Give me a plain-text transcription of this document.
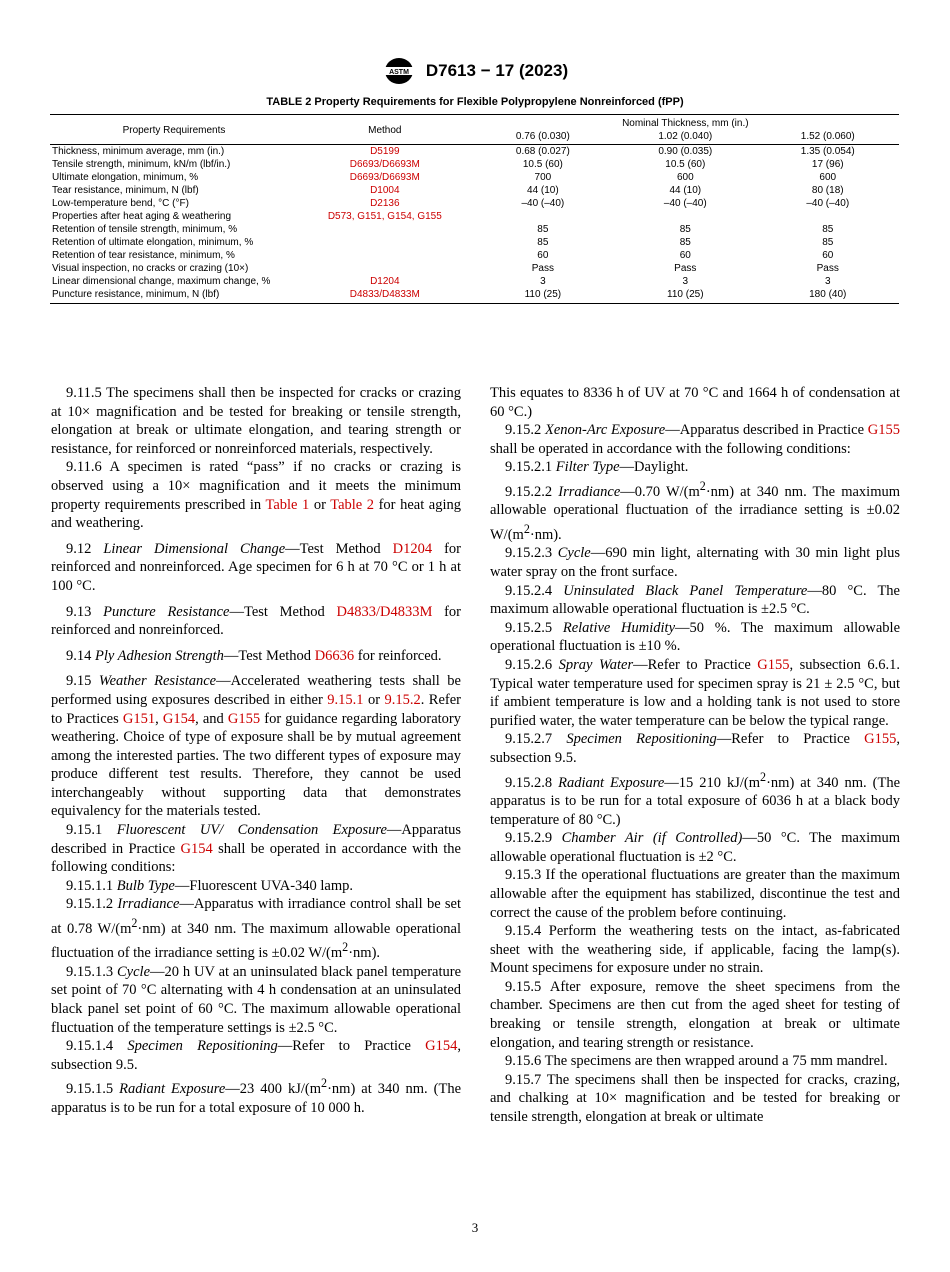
ASTM D7613 − 17 (2023)
TABLE 2 Property Requirements for Flexible Polypropylene Nonreinforced (fPP)
Property Requirements	Method	Nominal Thickness, mm (in.)		
		0.76 (0.030)	1.02 (0.040)	1.52 (0.060)
Thickness, minimum average, mm (in.)	D5199	0.68 (0.027)	0.90 (0.035)	1.35 (0.054)
Tensile strength, minimum, kN/m (lbf/in.)	D6693/D6693M	10.5 (60)	10.5 (60)	17 (96)
Ultimate elongation, minimum, %	D6693/D6693M	700	600	600
Tear resistance, minimum, N (lbf)	D1004	44 (10)	44 (10)	80 (18)
Low-temperature bend, °C (°F)	D2136	–40 (–40)	–40 (–40)	–40 (–40)
Properties after heat aging & weathering	D573, G151, G154, G155			
Retention of tensile strength, minimum, %		85	85	85
Retention of ultimate elongation, minimum, %		85	85	85
Retention of tear resistance, minimum, %		60	60	60
Visual inspection, no cracks or crazing (10×)		Pass	Pass	Pass
Linear dimensional change, maximum change, %	D1204	3	3	3
Puncture resistance, minimum, N (lbf)	D4833/D4833M	110 (25)	110 (25)	180 (40)

9.11.5 The specimens shall then be inspected for cracks or crazing at 10× magnification and be tested for breaking or tensile strength, elongation at break or ultimate elongation, and tearing strength or resistance, for reinforced or nonreinforced materials, respectively.

9.11.6 A specimen is rated “pass” if no cracks or crazing is observed using a 10× magnification and it meets the minimum property requirements prescribed in Table 1 or Table 2 for heat aging and weathering.

9.12 Linear Dimensional Change—Test Method D1204 for reinforced and nonreinforced. Age specimen for 6 h at 70 °C or 1 h at 100 °C.

9.13 Puncture Resistance—Test Method D4833/D4833M for reinforced and nonreinforced.

9.14 Ply Adhesion Strength—Test Method D6636 for reinforced.

9.15 Weather Resistance—Accelerated weathering tests shall be performed using exposures described in either 9.15.1 or 9.15.2. Refer to Practices G151, G154, and G155 for guidance regarding laboratory weathering. Choice of type of exposure shall be by mutual agreement among the interested parties. The two different types of exposure may produce different test results. Therefore, they cannot be used interchangeably without supporting data that demonstrates equivalency for the materials tested.

9.15.1 Fluorescent UV/ Condensation Exposure—Apparatus described in Practice G154 shall be operated in accordance with the following conditions:

9.15.1.1 Bulb Type—Fluorescent UVA-340 lamp.

9.15.1.2 Irradiance—Apparatus with irradiance control shall be set at 0.78 $W/(m^2\cdot nm)$ at 340 nm. The maximum allowable operational fluctuation of the irradiance setting is ±0.02 $W/(m^2\cdot nm)$.

9.15.1.3 Cycle—20 h UV at an uninsulated black panel temperature set point of 70 °C alternating with 4 h condensation at an uninsulated black panel set point of 60 °C. The maximum allowable operational fluctuation of the temperature settings is ±2.5 °C.

9.15.1.4 Specimen Repositioning—Refer to Practice G154, subsection 9.5.

9.15.1.5 Radiant Exposure—23 400 $kJ/(m^2\cdot nm)$ at 340 nm. (The apparatus is to be run for a total exposure of 10 000 h.

This equates to 8336 h of UV at 70 °C and 1664 h of condensation at 60 °C.)

9.15.2 Xenon-Arc Exposure—Apparatus described in Practice G155 shall be operated in accordance with the following conditions:

9.15.2.1 Filter Type—Daylight.

9.15.2.2 Irradiance—0.70 $W/(m^2\cdot nm)$ at 340 nm. The maximum allowable operational fluctuation of the irradiance setting is ±0.02 $W/(m^2\cdot nm)$.

9.15.2.3 Cycle—690 min light, alternating with 30 min light plus water spray on the front surface.

9.15.2.4 Uninsulated Black Panel Temperature—80 °C. The maximum allowable operational fluctuation is ±2.5 °C.

9.15.2.5 Relative Humidity—50 %. The maximum allowable operational fluctuation is ±10 %.

9.15.2.6 Spray Water—Refer to Practice G155, subsection 6.6.1. Typical water temperature used for specimen spray is 21 ± 2.5 °C, but if ambient temperature is low and a holding tank is not used to store purified water, the water temperature can be below the typical range.

9.15.2.7 Specimen Repositioning—Refer to Practice G155, subsection 9.5.

9.15.2.8 Radiant Exposure—15 210 $kJ/(m^2\cdot nm)$ at 340 nm. (The apparatus is to be run for a total exposure of 6036 h at a black body temperature of 80 °C.)

9.15.2.9 Chamber Air (if Controlled)—50 °C. The maximum allowable operational fluctuation is ±2 °C.

9.15.3 If the operational fluctuations are greater than the maximum allowable after the equipment has stabilized, discontinue the test and correct the cause of the problem before continuing.

9.15.4 Perform the weathering tests on the intact, as-fabricated sheet with the weathering side, if applicable, facing the lamp(s). Mount specimens for exposure under no strain.

9.15.5 After exposure, remove the sheet specimens from the chamber. Specimens are then cut from the aged sheet for testing of breaking or tensile strength, elongation at break or ultimate elongation, and tearing strength or resistance.

9.15.6 The specimens are then wrapped around a 75 mm mandrel.

9.15.7 The specimens shall then be inspected for cracks, crazing, and chalking at 10× magnification and be tested for breaking or tensile strength, elongation at break or ultimate

3
